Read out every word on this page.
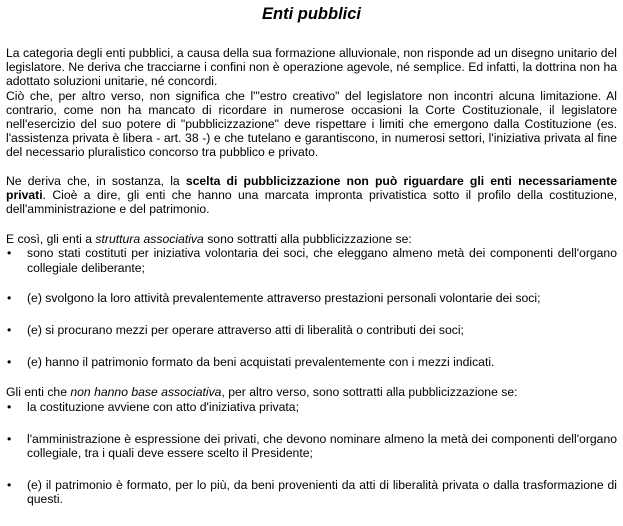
Enti pubblici

La categoria degli enti pubblici, a causa della sua formazione alluvionale, non risponde ad un disegno unitario del legislatore. Ne deriva che tracciarne i confini non è operazione agevole, né semplice. Ed infatti, la dottrina non ha adottato soluzioni unitarie, né concordi.

Ciò che, per altro verso, non significa che l'"estro creativo" del legislatore non incontri alcuna limitazione. Al contrario, come non ha mancato di ricordare in numerose occasioni la Corte Costituzionale, il legislatore nell'esercizio del suo potere di "pubblicizzazione" deve rispettare i limiti che emergono dalla Costituzione (es. l'assistenza privata è libera - art. 38 -) e che tutelano e garantiscono, in numerosi settori, l'iniziativa privata al fine del necessario pluralistico concorso tra pubblico e privato.

Ne deriva che, in sostanza, la scelta di pubblicizzazione non può riguardare gli enti necessariamente privati. Cioè a dire, gli enti che hanno una marcata impronta privatistica sotto il profilo della costituzione, dell'amministrazione e del patrimonio.

E così, gli enti a struttura associativa sono sottratti alla pubblicizzazione se:

• sono stati costituti per iniziativa volontaria dei soci, che eleggano almeno metà dei componenti dell'organo collegiale deliberante;
• (e) svolgono la loro attività prevalentemente attraverso prestazioni personali volontarie dei soci;
• (e) si procurano mezzi per operare attraverso atti di liberalità o contributi dei soci;
• (e) hanno il patrimonio formato da beni acquistati prevalentemente con i mezzi indicati.

Gli enti che non hanno base associativa, per altro verso, sono sottratti alla pubblicizzazione se:

• la costituzione avviene con atto d'iniziativa privata;
• l'amministrazione è espressione dei privati, che devono nominare almeno la metà dei componenti dell'organo collegiale, tra i quali deve essere scelto il Presidente;
• (e) il patrimonio è formato, per lo più, da beni provenienti da atti di liberalità privata o dalla trasformazione di questi.
